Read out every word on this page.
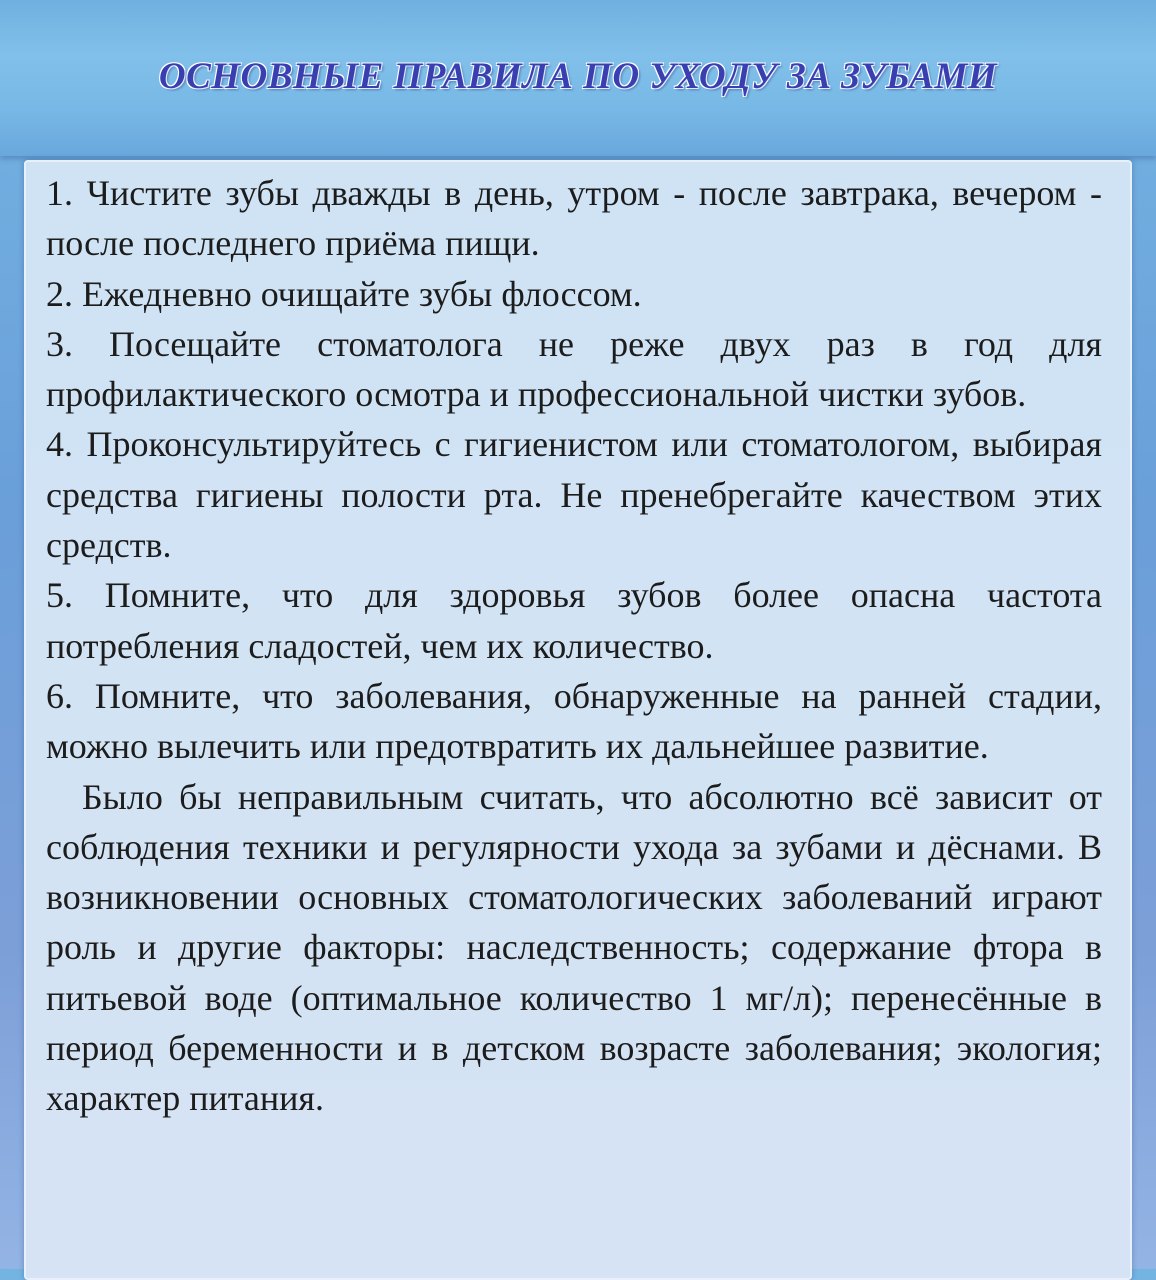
ОСНОВНЫЕ ПРАВИЛА ПО УХОДУ ЗА ЗУБАМИ

1. Чистите зубы дважды в день, утром - после завтрака, вечером - после последнего приёма пищи.

2. Ежедневно очищайте зубы флоссом.

3. Посещайте стоматолога не реже двух раз в год для профилактического осмотра и профессиональной чистки зубов.

4. Проконсультируйтесь с гигиенистом или стоматологом, выбирая средства гигиены полости рта. Не пренебрегайте качеством этих средств.

5. Помните, что для здоровья зубов более опасна частота потребления сладостей, чем их количество.

6. Помните, что заболевания, обнаруженные на ранней стадии, можно вылечить или предотвратить их дальнейшее развитие.

Было бы неправильным считать, что абсолютно всё зависит от соблюдения техники и регулярности ухода за зубами и дёснами. В возникновении основных стоматологических заболеваний играют роль и другие факторы: наследственность; содержание фтора в питьевой воде (оптимальное количество 1 мг/л); перенесённые в период беременности и в детском возрасте заболевания; экология; характер питания.
